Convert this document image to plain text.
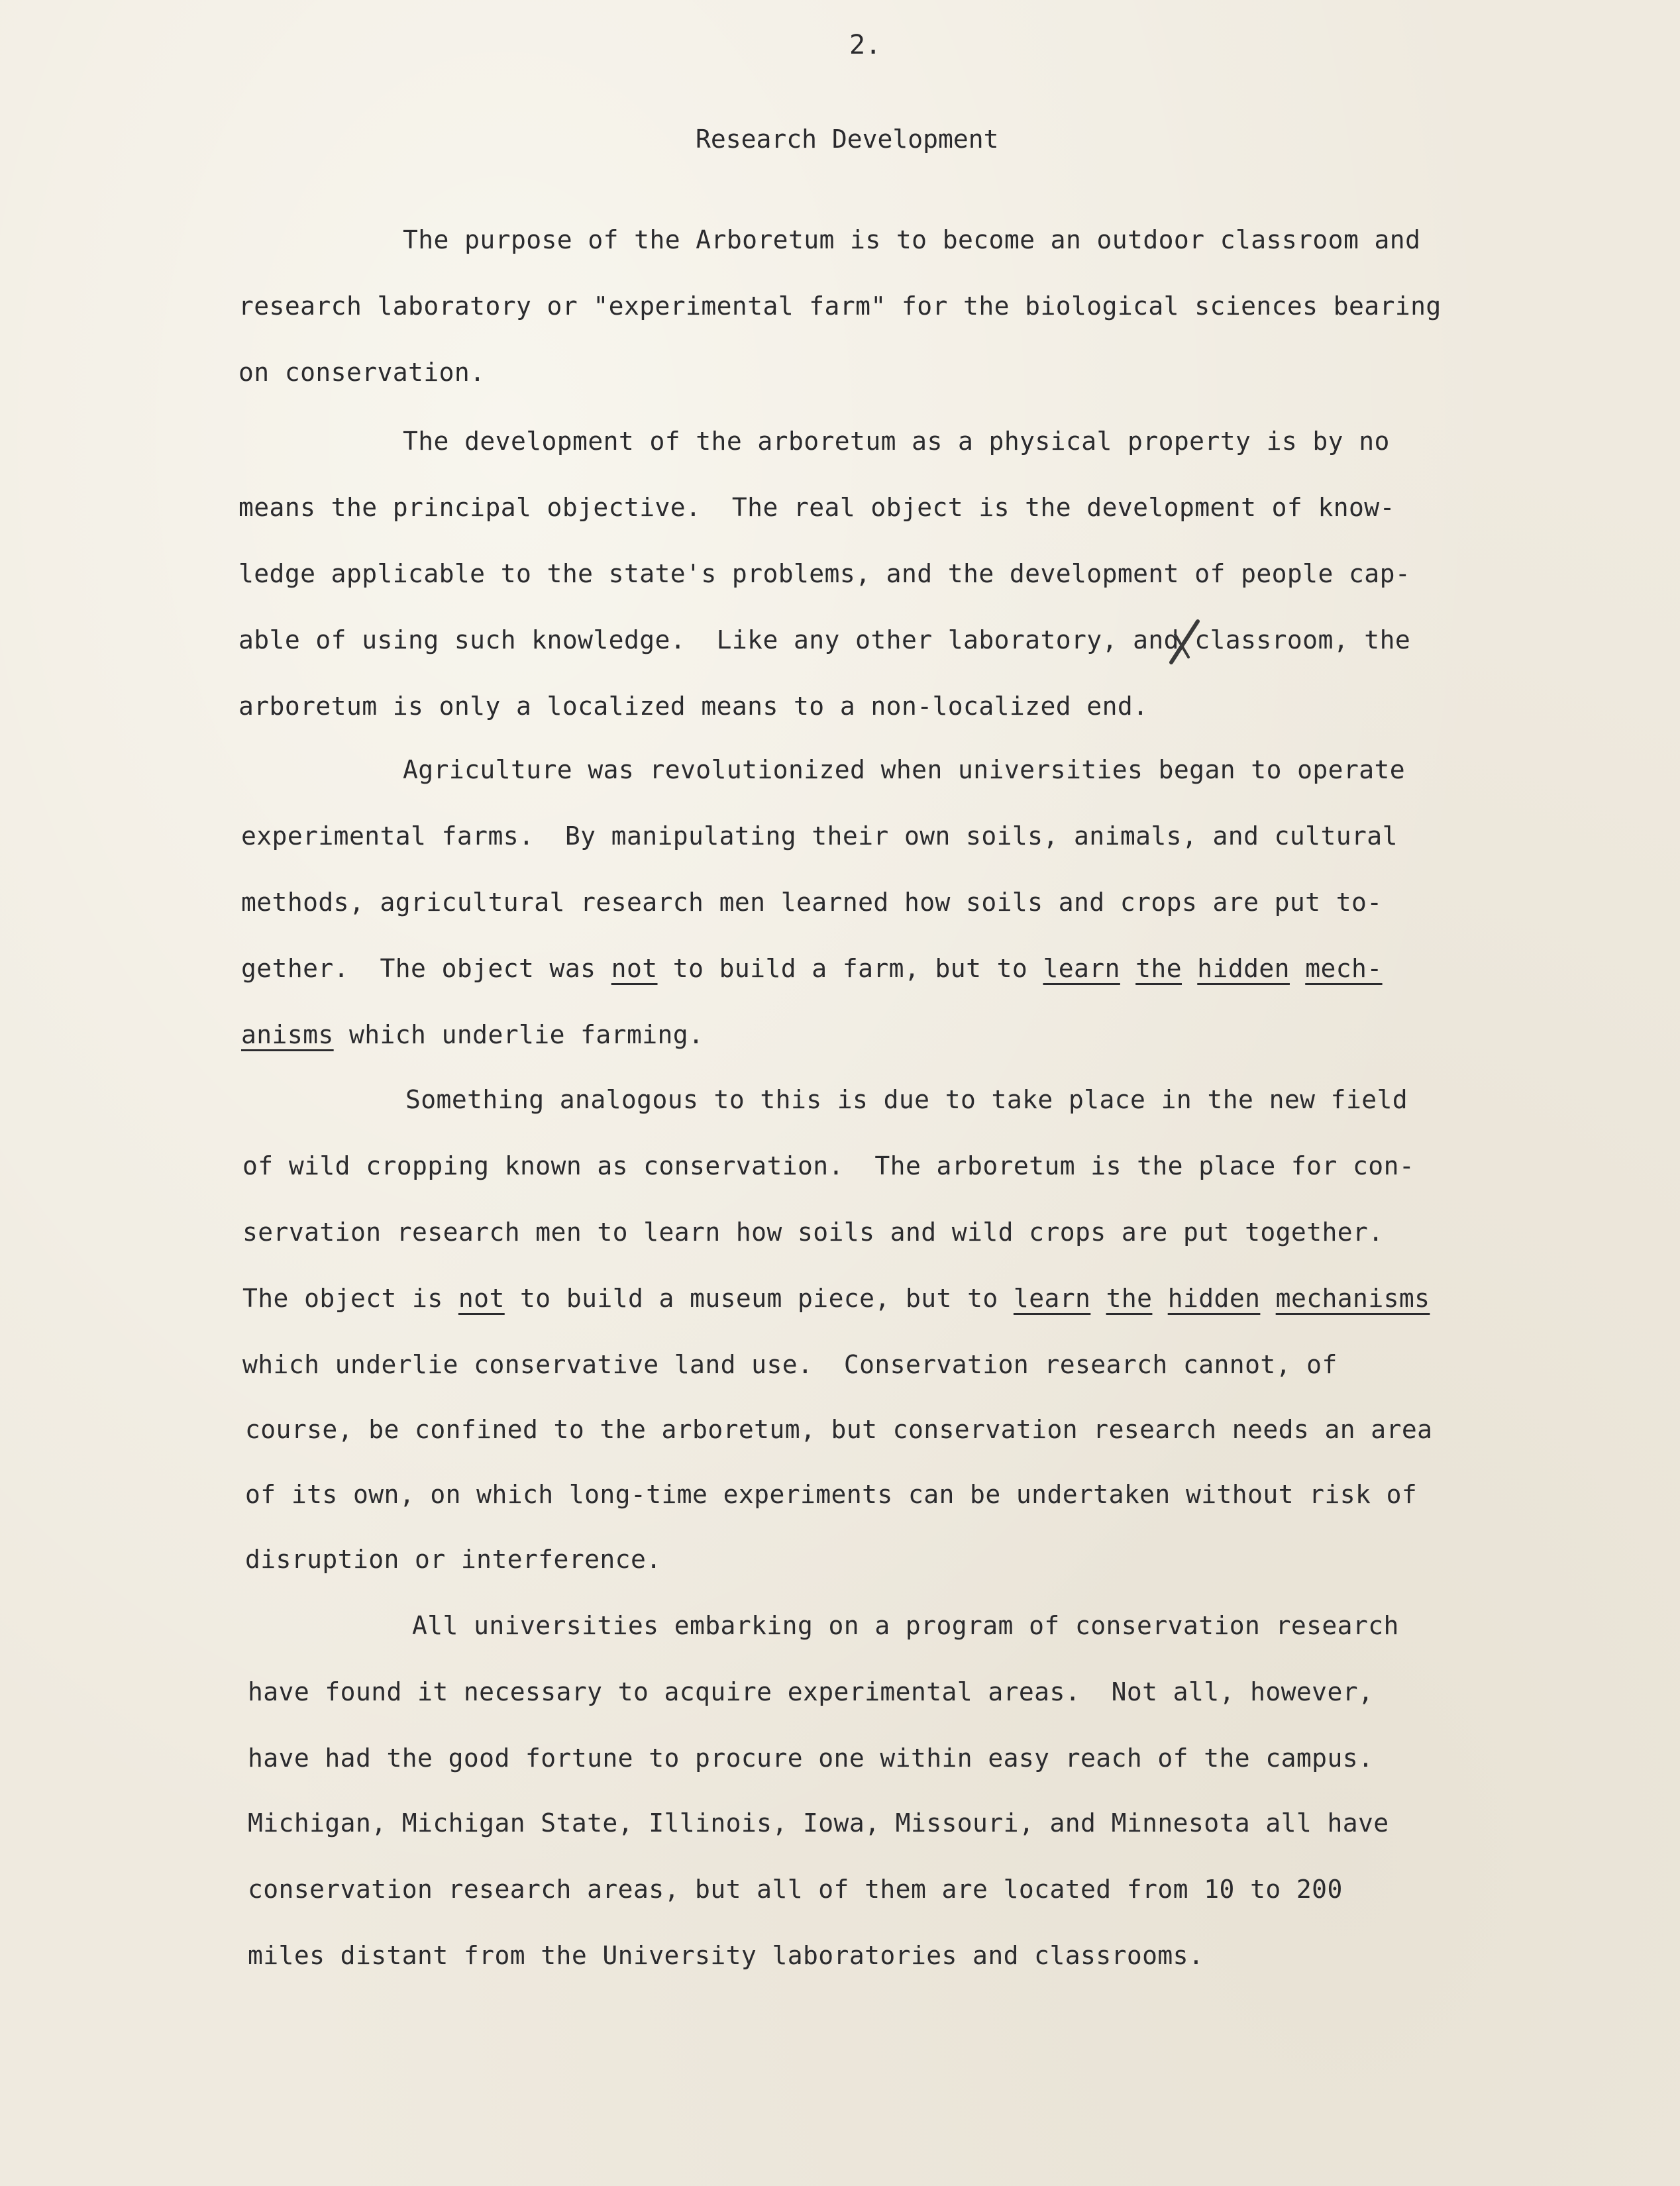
2.
Research Development
The purpose of the Arboretum is to become an outdoor classroom and
research laboratory or "experimental farm" for the biological sciences bearing
on conservation.
The development of the arboretum as a physical property is by no
means the principal objective.  The real object is the development of know-
ledge applicable to the state's problems, and the development of people cap-
able of using such knowledge.  Like any other laboratory, and classroom, the
arboretum is only a localized means to a non-localized end.
Agriculture was revolutionized when universities began to operate
experimental farms.  By manipulating their own soils, animals, and cultural
methods, agricultural research men learned how soils and crops are put to-
gether.  The object was not to build a farm, but to learn the hidden mech-
anisms which underlie farming.
Something analogous to this is due to take place in the new field
of wild cropping known as conservation.  The arboretum is the place for con-
servation research men to learn how soils and wild crops are put together.
The object is not to build a museum piece, but to learn the hidden mechanisms
which underlie conservative land use.  Conservation research cannot, of
course, be confined to the arboretum, but conservation research needs an area
of its own, on which long-time experiments can be undertaken without risk of
disruption or interference.
All universities embarking on a program of conservation research
have found it necessary to acquire experimental areas.  Not all, however,
have had the good fortune to procure one within easy reach of the campus.
Michigan, Michigan State, Illinois, Iowa, Missouri, and Minnesota all have
conservation research areas, but all of them are located from 10 to 200
miles distant from the University laboratories and classrooms.
